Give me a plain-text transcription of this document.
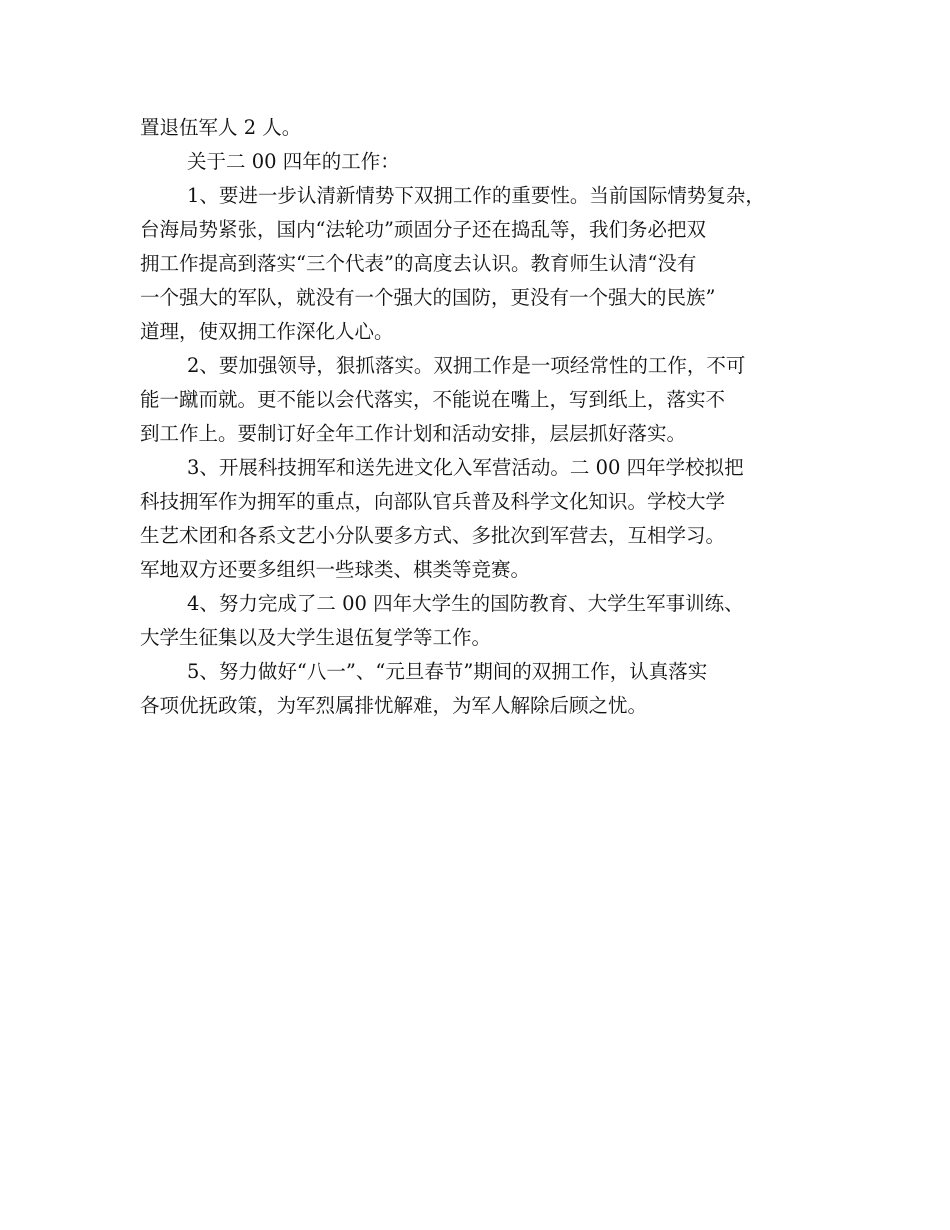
置退伍军人 2 人。
关于二 00 四年的工作：
1、要进一步认清新情势下双拥工作的重要性。当前国际情势复杂，
台海局势紧张，国内“法轮功”顽固分子还在捣乱等，我们务必把双
拥工作提高到落实“三个代表”的高度去认识。教育师生认清“没有
一个强大的军队，就没有一个强大的国防，更没有一个强大的民族”
道理，使双拥工作深化人心。
2、要加强领导，狠抓落实。双拥工作是一项经常性的工作，不可
能一蹴而就。更不能以会代落实，不能说在嘴上，写到纸上，落实不
到工作上。要制订好全年工作计划和活动安排，层层抓好落实。
3、开展科技拥军和送先进文化入军营活动。二 00 四年学校拟把
科技拥军作为拥军的重点，向部队官兵普及科学文化知识。学校大学
生艺术团和各系文艺小分队要多方式、多批次到军营去，互相学习。
军地双方还要多组织一些球类、棋类等竞赛。
4、努力完成了二 00 四年大学生的国防教育、大学生军事训练、
大学生征集以及大学生退伍复学等工作。
5、努力做好“八一”、“元旦春节”期间的双拥工作，认真落实
各项优抚政策，为军烈属排忧解难，为军人解除后顾之忧。
